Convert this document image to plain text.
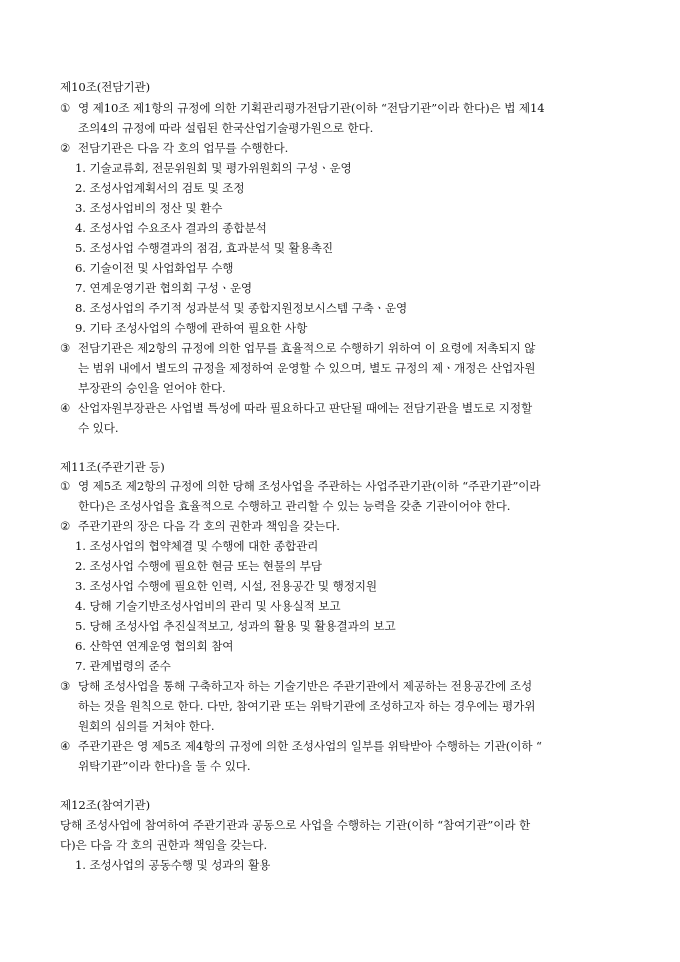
제10조(전담기관)
① 영 제10조 제1항의 규정에 의한 기획관리평가전담기관(이하 “전담기관”이라 한다)은 법 제14
조의4의 규정에 따라 설립된 한국산업기술평가원으로 한다.
② 전담기관은 다음 각 호의 업무를 수행한다.
1. 기술교류회, 전문위원회 및 평가위원회의 구성ㆍ운영
2. 조성사업계획서의 검토 및 조정
3. 조성사업비의 정산 및 환수
4. 조성사업 수요조사 결과의 종합분석
5. 조성사업 수행결과의 점검, 효과분석 및 활용촉진
6. 기술이전 및 사업화업무 수행
7. 연계운영기관 협의회 구성ㆍ운영
8. 조성사업의 주기적 성과분석 및 종합지원정보시스템 구축ㆍ운영
9. 기타 조성사업의 수행에 관하여 필요한 사항
③ 전담기관은 제2항의 규정에 의한 업무를 효율적으로 수행하기 위하여 이 요령에 저촉되지 않
는 범위 내에서 별도의 규정을 제정하여 운영할 수 있으며, 별도 규정의 제ㆍ개정은 산업자원
부장관의 승인을 얻어야 한다.
④ 산업자원부장관은 사업별 특성에 따라 필요하다고 판단될 때에는 전담기관을 별도로 지정할
수 있다.
제11조(주관기관 등)
① 영 제5조 제2항의 규정에 의한 당해 조성사업을 주관하는 사업주관기관(이하 “주관기관”이라
한다)은 조성사업을 효율적으로 수행하고 관리할 수 있는 능력을 갖춘 기관이어야 한다.
② 주관기관의 장은 다음 각 호의 권한과 책임을 갖는다.
1. 조성사업의 협약체결 및 수행에 대한 종합관리
2. 조성사업 수행에 필요한 현금 또는 현물의 부담
3. 조성사업 수행에 필요한 인력, 시설, 전용공간 및 행정지원
4. 당해 기술기반조성사업비의 관리 및 사용실적 보고
5. 당해 조성사업 추진실적보고, 성과의 활용 및 활용결과의 보고
6. 산학연 연계운영 협의회 참여
7. 관계법령의 준수
③ 당해 조성사업을 통해 구축하고자 하는 기술기반은 주관기관에서 제공하는 전용공간에 조성
하는 것을 원칙으로 한다. 다만, 참여기관 또는 위탁기관에 조성하고자 하는 경우에는 평가위
원회의 심의를 거쳐야 한다.
④ 주관기관은 영 제5조 제4항의 규정에 의한 조성사업의 일부를 위탁받아 수행하는 기관(이하 “
위탁기관”이라 한다)을 둘 수 있다.
제12조(참여기관)
당해 조성사업에 참여하여 주관기관과 공동으로 사업을 수행하는 기관(이하 “참여기관”이라 한
다)은 다음 각 호의 권한과 책임을 갖는다.
1. 조성사업의 공동수행 및 성과의 활용
